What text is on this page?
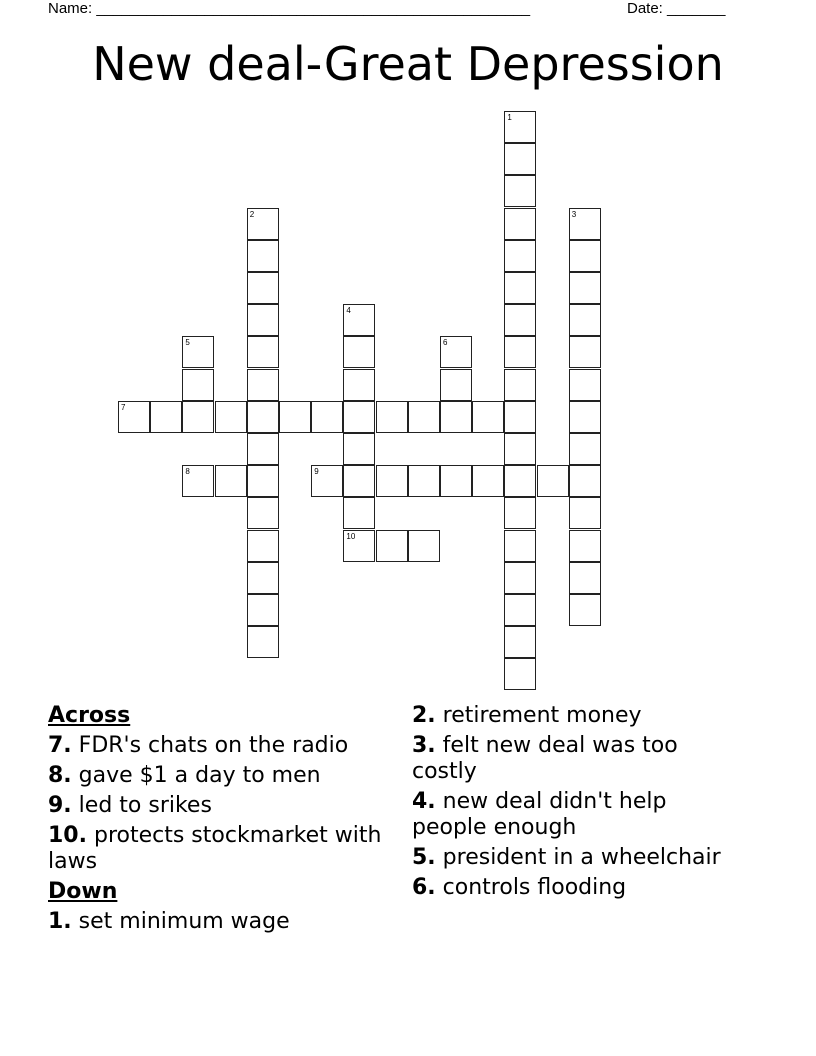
Name: ____________________________________________________	Date: _______
New deal-Great Depression
1
2	3
4
10
5	6
7
8	9
Across
7. FDR's chats on the radio
8. gave $1 a day to men
9. led to srikes
10. protects stockmarket with laws
Down
1. set minimum wage
2. retirement money
3. felt new deal was too costly
4. new deal didn't help people enough
5. president in a wheelchair
6. controls flooding
